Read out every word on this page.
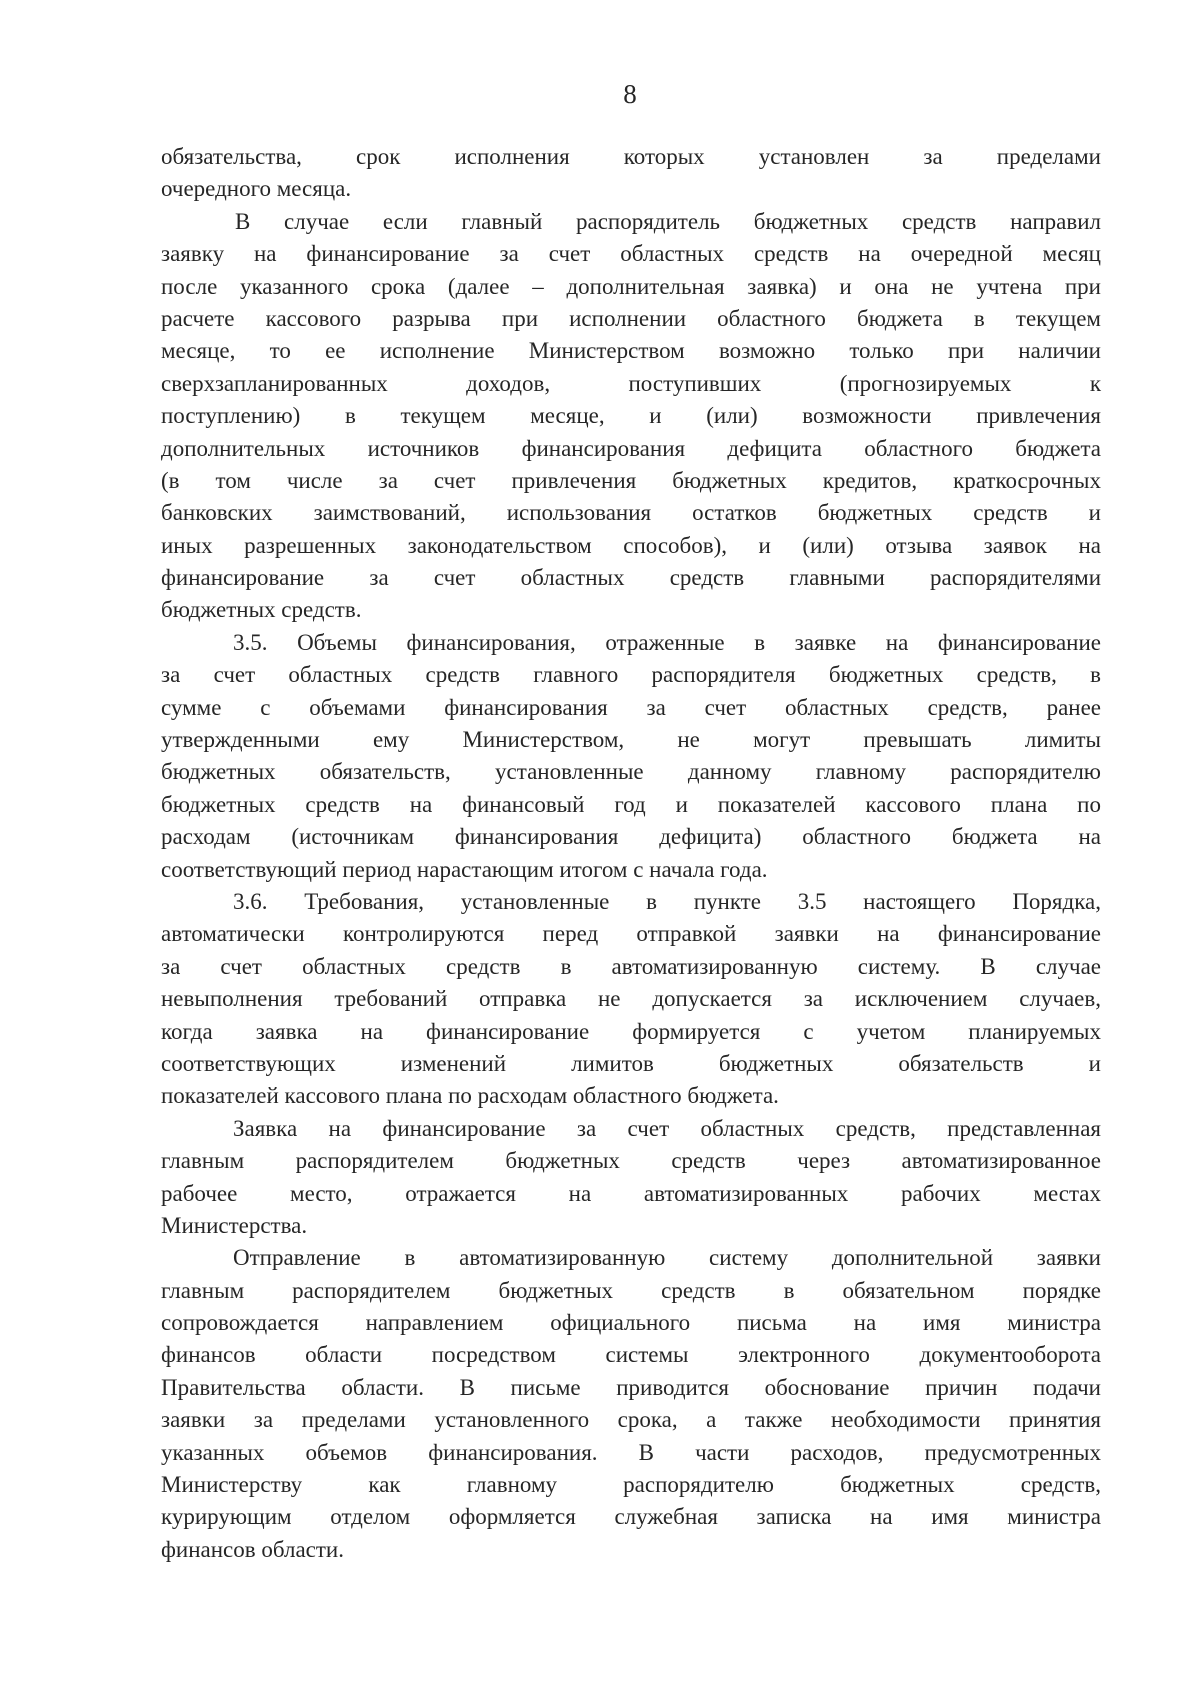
8
обязательства, срок исполнения которых установлен за пределами
очередного месяца.
В случае если главный распорядитель бюджетных средств направил
заявку на финансирование за счет областных средств на очередной месяц
после указанного срока (далее – дополнительная заявка) и она не учтена при
расчете кассового разрыва при исполнении областного бюджета в текущем
месяце, то ее исполнение Министерством возможно только при наличии
сверхзапланированных доходов, поступивших (прогнозируемых к
поступлению) в текущем месяце, и (или) возможности привлечения
дополнительных источников финансирования дефицита областного бюджета
(в том числе за счет привлечения бюджетных кредитов, краткосрочных
банковских заимствований, использования остатков бюджетных средств и
иных разрешенных законодательством способов), и (или) отзыва заявок на
финансирование за счет областных средств главными распорядителями
бюджетных средств.
3.5. Объемы финансирования, отраженные в заявке на финансирование
за счет областных средств главного распорядителя бюджетных средств, в
сумме с объемами финансирования за счет областных средств, ранее
утвержденными ему Министерством, не могут превышать лимиты
бюджетных обязательств, установленные данному главному распорядителю
бюджетных средств на финансовый год и показателей кассового плана по
расходам (источникам финансирования дефицита) областного бюджета на
соответствующий период нарастающим итогом с начала года.
3.6. Требования, установленные в пункте 3.5 настоящего Порядка,
автоматически контролируются перед отправкой заявки на финансирование
за счет областных средств в автоматизированную систему. В случае
невыполнения требований отправка не допускается за исключением случаев,
когда заявка на финансирование формируется с учетом планируемых
соответствующих изменений лимитов бюджетных обязательств и
показателей кассового плана по расходам областного бюджета.
Заявка на финансирование за счет областных средств, представленная
главным распорядителем бюджетных средств через автоматизированное
рабочее место, отражается на автоматизированных рабочих местах
Министерства.
Отправление в автоматизированную систему дополнительной заявки
главным распорядителем бюджетных средств в обязательном порядке
сопровождается направлением официального письма на имя министра
финансов области посредством системы электронного документооборота
Правительства области. В письме приводится обоснование причин подачи
заявки за пределами установленного срока, а также необходимости принятия
указанных объемов финансирования. В части расходов, предусмотренных
Министерству как главному распорядителю бюджетных средств,
курирующим отделом оформляется служебная записка на имя министра
финансов области.
